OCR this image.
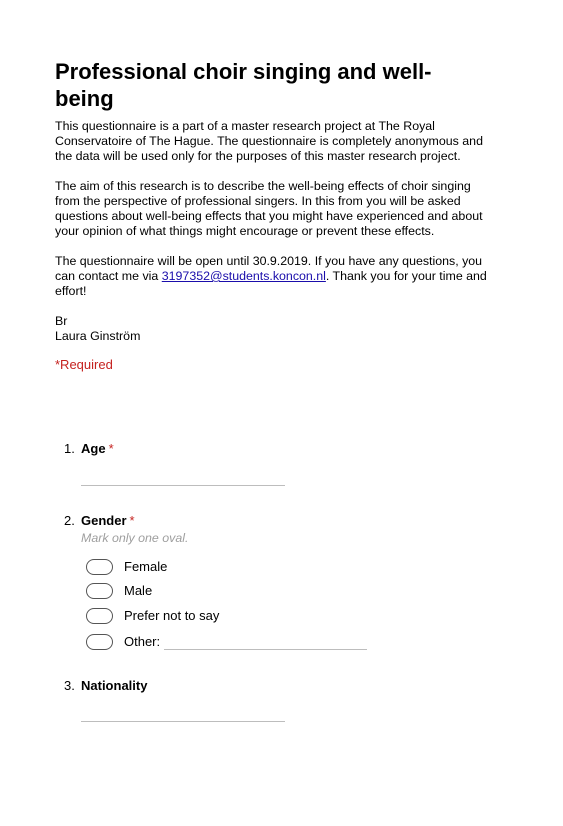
Professional choir singing and well-being

This questionnaire is a part of a master research project at The Royal Conservatoire of The Hague. The questionnaire is completely anonymous and the data will be used only for the purposes of this master research project.

The aim of this research is to describe the well-being effects of choir singing from the perspective of professional singers. In this from you will be asked questions about well-being effects that you might have experienced and about your opinion of what things might encourage or prevent these effects.

The questionnaire will be open until 30.9.2019. If you have any questions, you can contact me via 3197352@students.koncon.nl. Thank you for your time and effort!

Br
Laura Ginström

*Required
1. Age *
2. Gender *
Mark only one oval.
Female
Male
Prefer not to say
Other:
3. Nationality
